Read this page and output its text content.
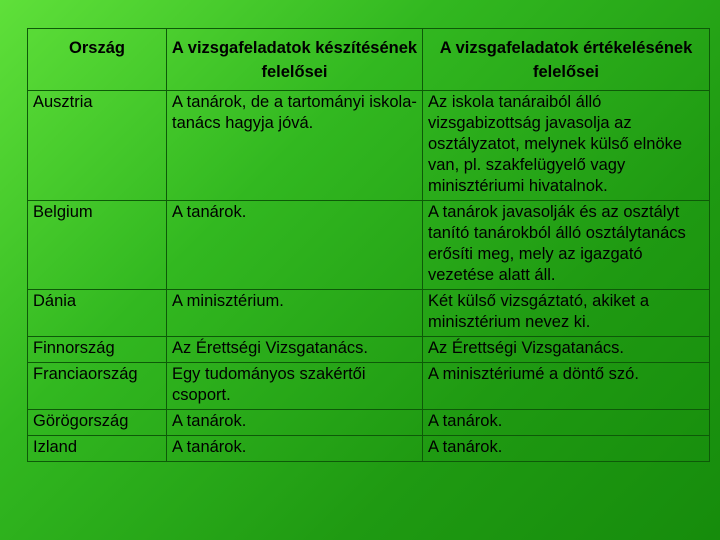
Ország	A vizsgafeladatok készítésének felelősei	A vizsgafeladatok értékelésének felelősei
Ausztria	A tanárok, de a tartományi iskola-tanács hagyja jóvá.	Az iskola tanáraiból álló vizsgabizottság javasolja az osztályzatot, melynek külső elnöke van, pl. szakfelügyelő vagy minisztériumi hivatalnok.
Belgium	A tanárok.	A tanárok javasolják és az osztályt tanító tanárokból álló osztálytanács erősíti meg, mely az igazgató vezetése alatt áll.
Dánia	A minisztérium.	Két külső vizsgáztató, akiket a minisztérium nevez ki.
Finnország	Az Érettségi Vizsgatanács.	Az Érettségi Vizsgatanács.
Franciaország	Egy tudományos szakértői csoport.	A minisztériumé a döntő szó.
Görögország	A tanárok.	A tanárok.
Izland	A tanárok.	A tanárok.
